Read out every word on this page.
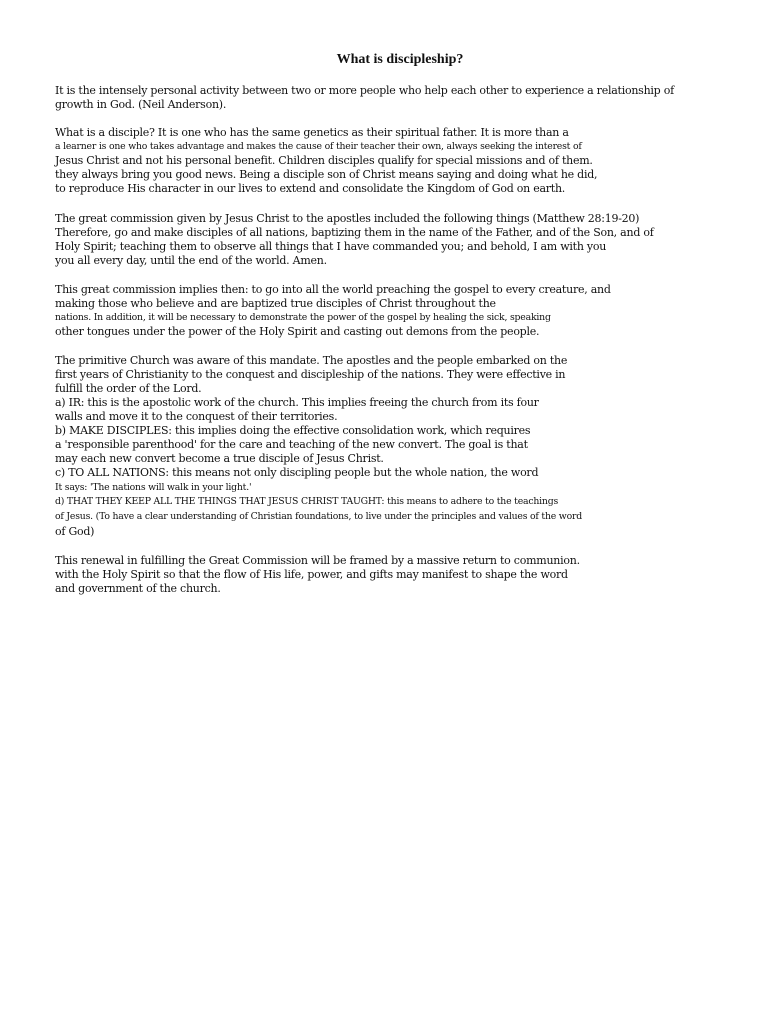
What is discipleship?
It is the intensely personal activity between two or more people who help each other to experience a relationship of
growth in God. (Neil Anderson).
What is a disciple? It is one who has the same genetics as their spiritual father. It is more than a
a learner is one who takes advantage and makes the cause of their teacher their own, always seeking the interest of
Jesus Christ and not his personal benefit. Children disciples qualify for special missions and of them.
they always bring you good news. Being a disciple son of Christ means saying and doing what he did,
to reproduce His character in our lives to extend and consolidate the Kingdom of God on earth.
The great commission given by Jesus Christ to the apostles included the following things (Matthew 28:19-20)
Therefore, go and make disciples of all nations, baptizing them in the name of the Father, and of the Son, and of
Holy Spirit; teaching them to observe all things that I have commanded you; and behold, I am with you
you all every day, until the end of the world. Amen.
This great commission implies then: to go into all the world preaching the gospel to every creature, and
making those who believe and are baptized true disciples of Christ throughout the
nations. In addition, it will be necessary to demonstrate the power of the gospel by healing the sick, speaking
other tongues under the power of the Holy Spirit and casting out demons from the people.
The primitive Church was aware of this mandate. The apostles and the people embarked on the
first years of Christianity to the conquest and discipleship of the nations. They were effective in
fulfill the order of the Lord.
a) IR: this is the apostolic work of the church. This implies freeing the church from its four
walls and move it to the conquest of their territories.
b) MAKE DISCIPLES: this implies doing the effective consolidation work, which requires
a 'responsible parenthood' for the care and teaching of the new convert. The goal is that
may each new convert become a true disciple of Jesus Christ.
c) TO ALL NATIONS: this means not only discipling people but the whole nation, the word
It says: 'The nations will walk in your light.'
d) THAT THEY KEEP ALL THE THINGS THAT JESUS CHRIST TAUGHT: this means to adhere to the teachings
of Jesus. (To have a clear understanding of Christian foundations, to live under the principles and values of the word
of God)
This renewal in fulfilling the Great Commission will be framed by a massive return to communion.
with the Holy Spirit so that the flow of His life, power, and gifts may manifest to shape the word
and government of the church.
